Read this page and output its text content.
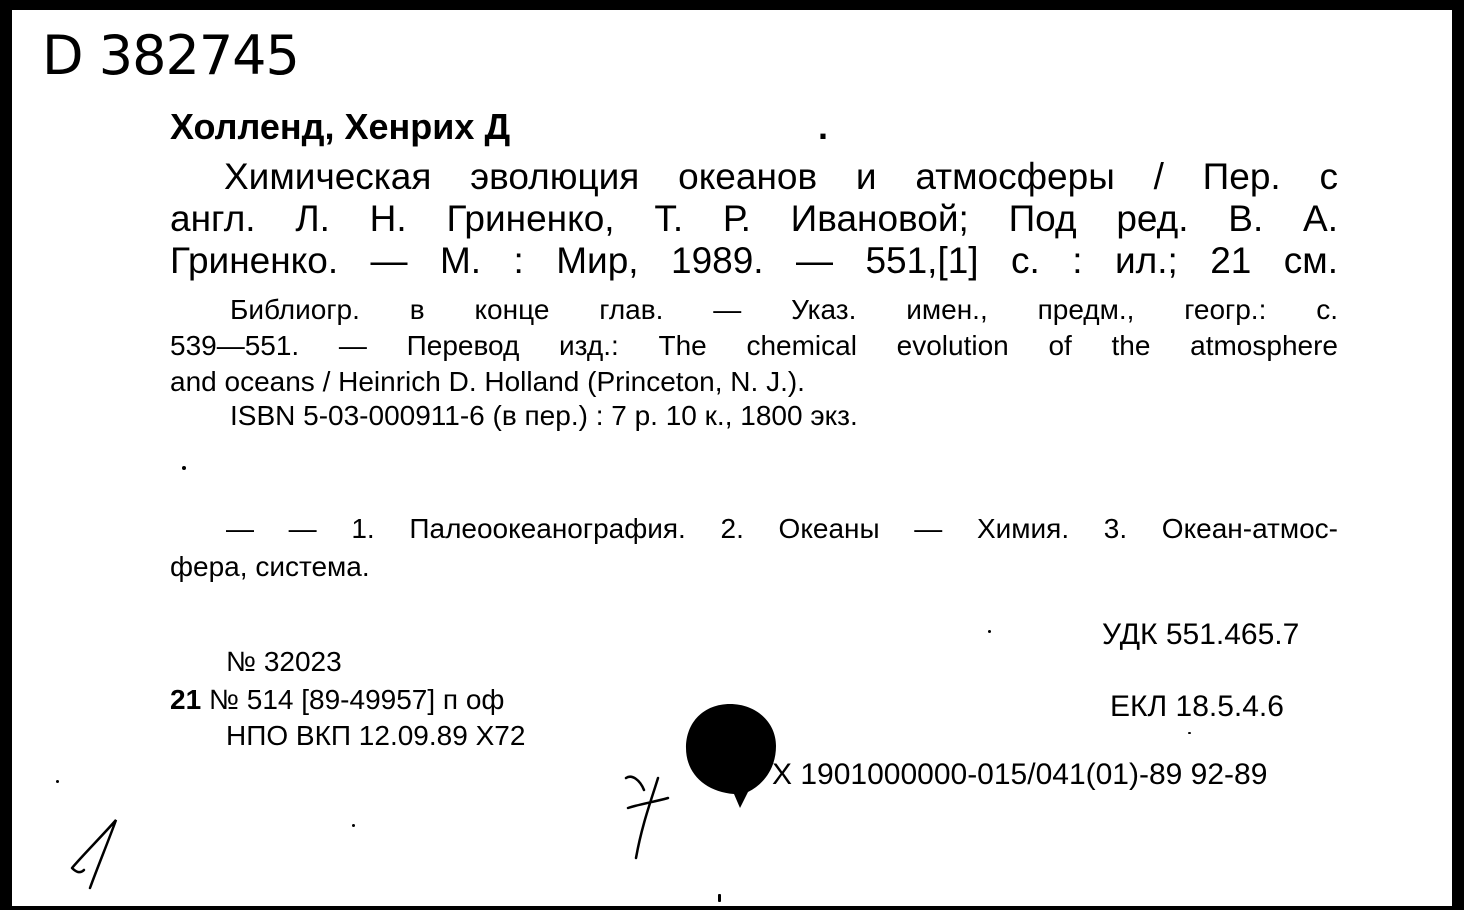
D 382745
Холленд, Хенрих Д	.
Химическая эволюция океанов и атмосферы / Пер. с
англ. Л. Н. Гриненко, Т. Р. Ивановой; Под ред. В. А.
Гриненко. — М. : Мир, 1989. — 551,[1] с. : ил.; 21 см.
Библиогр. в конце глав. — Указ. имен., предм., геогр.: с.
539—551. — Перевод изд.: The chemical evolution of the atmosphere
and oceans / Heinrich D. Holland (Princeton, N. J.).
ISBN 5-03-000911-6 (в пер.) : 7 р. 10 к., 1800 экз.
— — 1. Палеоокеанография. 2. Океаны — Химия. 3. Океан-атмос-
фера, система.
УДК 551.465.7
ЕКЛ 18.5.4.6
№ 32023
21 № 514 [89-49957] п оф
НПО ВКП 12.09.89 Х72
Х 1901000000-015/041(01)-89 92-89
